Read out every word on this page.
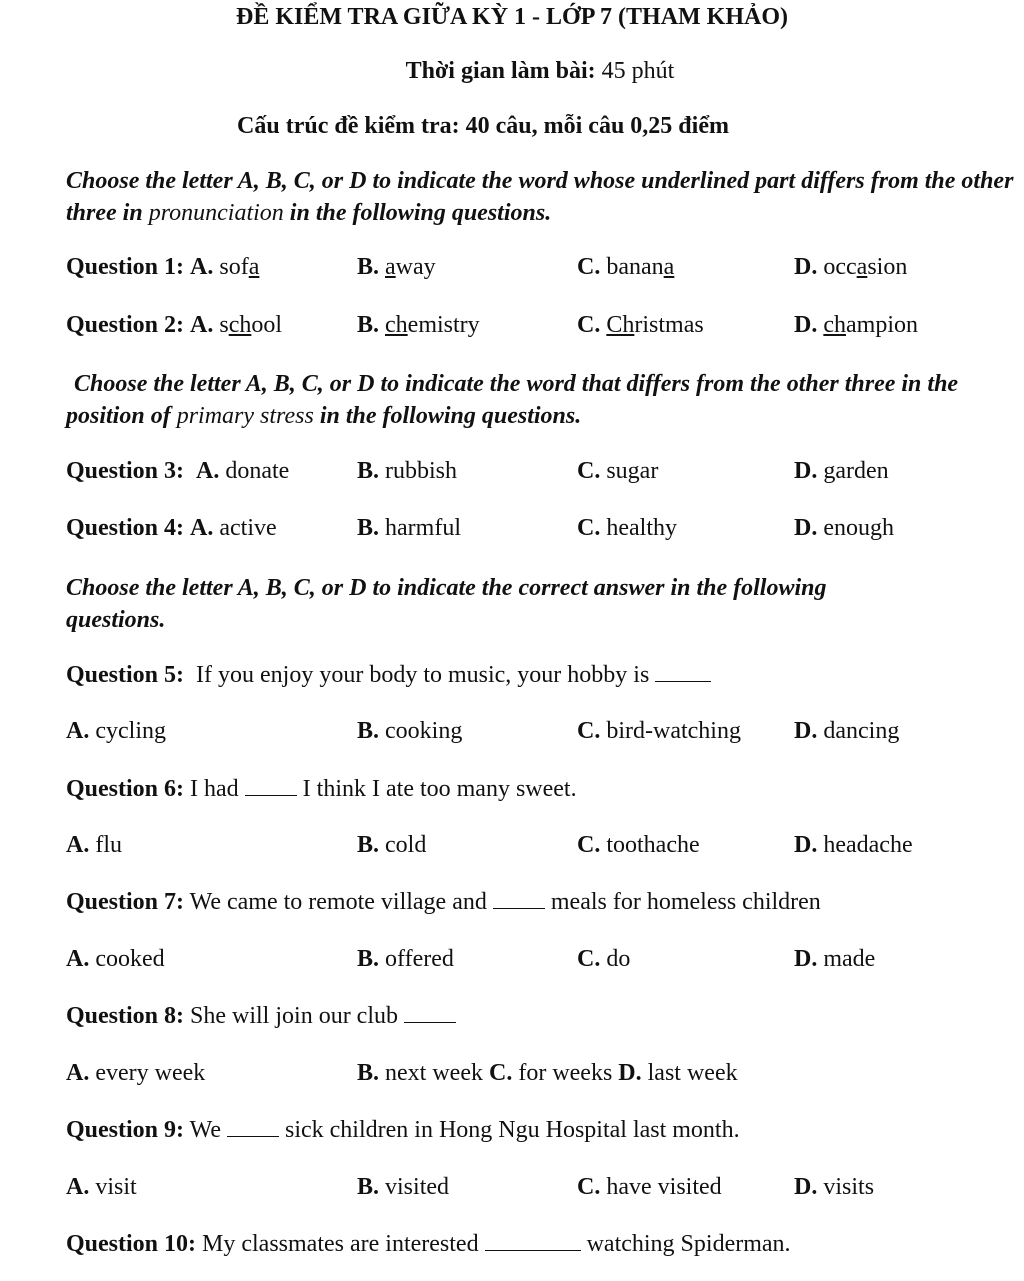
ĐỀ KIỂM TRA GIỮA KỲ 1 - LỚP 7 (THAM KHẢO)
Thời gian làm bài: 45 phút
Cấu trúc đề kiểm tra: 40 câu, mỗi câu 0,25 điểm
Choose the letter A, B, C, or D to indicate the word whose underlined part differs from the other three in pronunciation in the following questions.
Question 1: A. sofa	B. away	C. banana	D. occasion
Question 2: A. school	B. chemistry	C. Christmas	D. champion
Choose the letter A, B, C, or D to indicate the word that differs from the other three in the position of primary stress in the following questions.
Question 3: A. donate	B. rubbish	C. sugar	D. garden
Question 4: A. active	B. harmful	C. healthy	D. enough
Choose the letter A, B, C, or D to indicate the correct answer in the following questions.
Question 5: If you enjoy your body to music, your hobby is
A. cycling	B. cooking	C. bird-watching D. dancing
Question 6: I had	I think I ate too many sweet.
A. flu	B. cold	C. toothache	D. headache
Question 7: We came to remote village and	meals for homeless children
A. cooked	B. offered	C. do	D. made
Question 8: She will join our club
A. every week	B. next week C. for weeks D. last week
Question 9: We	sick children in Hong Ngu Hospital last month.
A. visit	B. visited	C. have visited	D. visits
Question 10: My classmates are interested	watching Spiderman.
